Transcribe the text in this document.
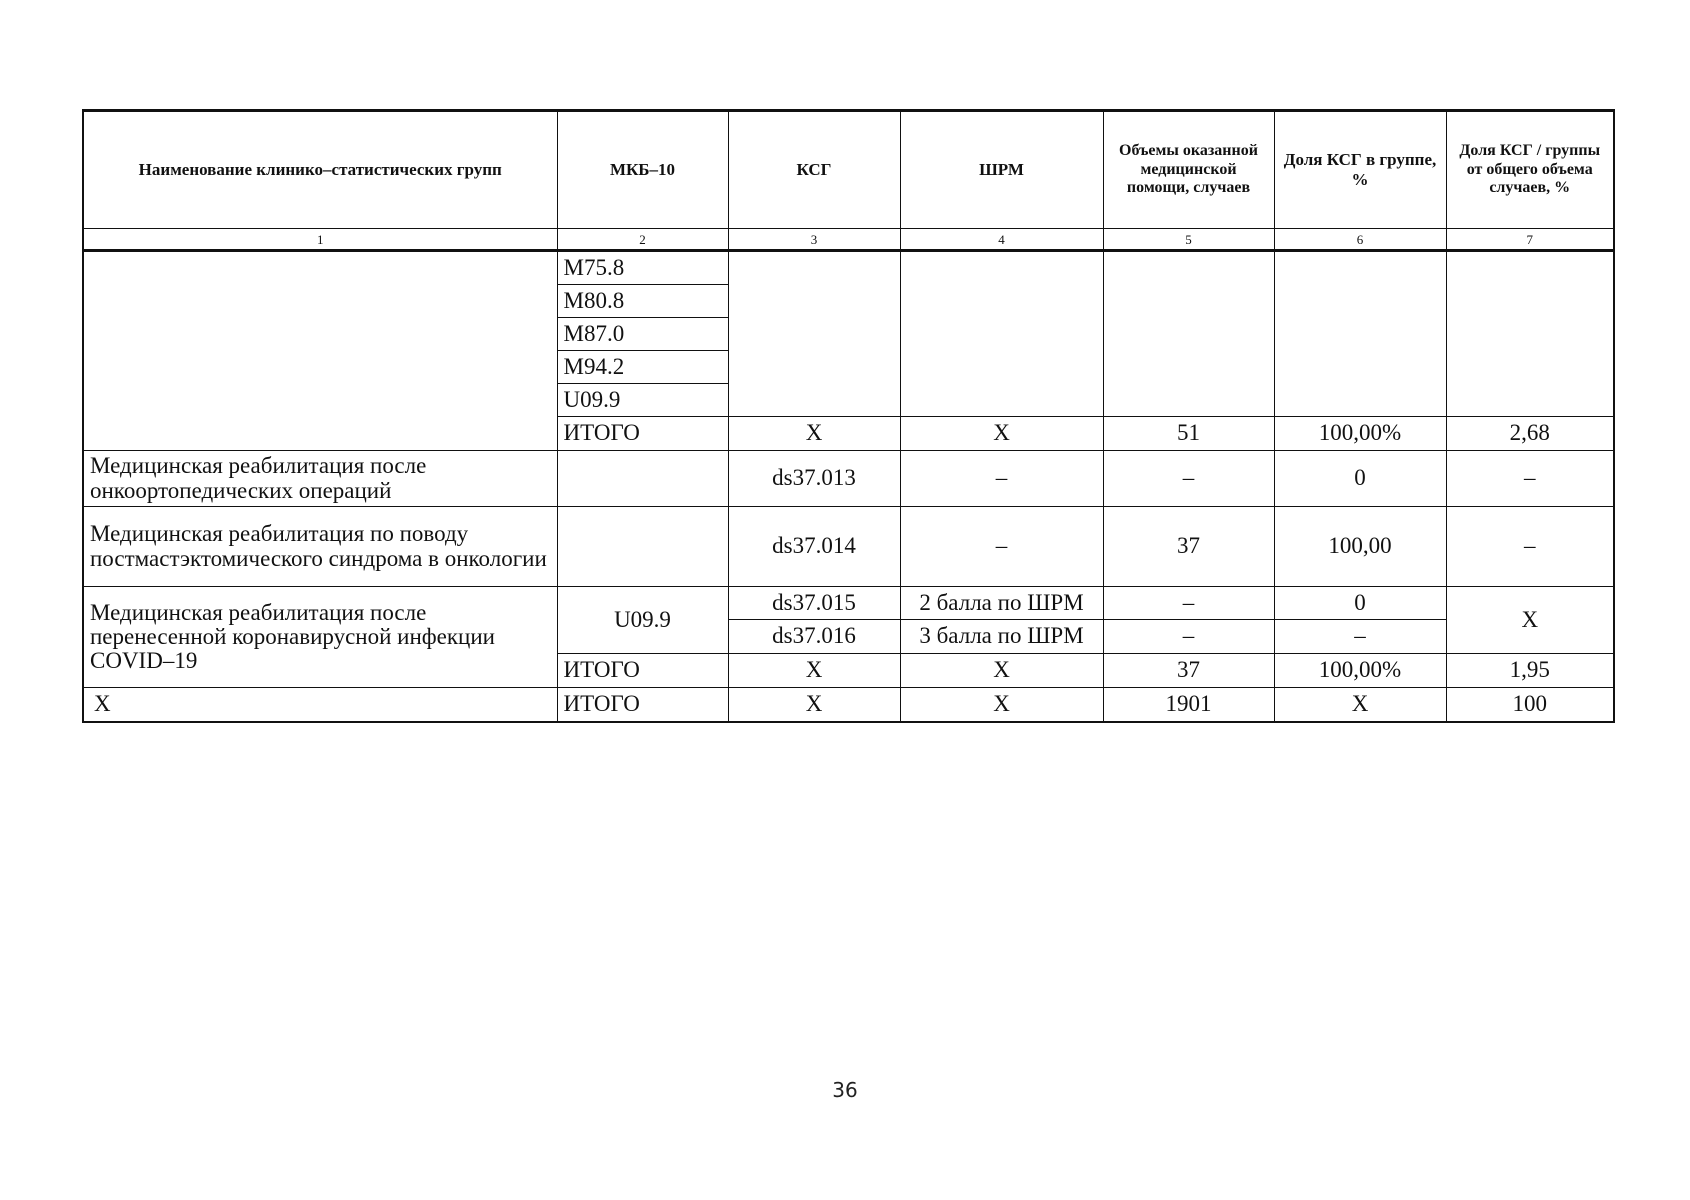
Наименование клинико–статистических групп	МКБ–10	КСГ	ШРМ	Объемы оказанной медицинской помощи, случаев	Доля КСГ в группе, %	Доля КСГ / группы от общего объема случаев, %
1	2	3	4	5	6	7
	M75.8					
	M80.8					
	M87.0					
	M94.2					
	U09.9					
	ИТОГО	Х	Х	51	100,00%	2,68
Медицинская реабилитация после онкоортопедических операций		ds37.013	–	–	0	–
Медицинская реабилитация по поводу постмастэктомического синдрома в онкологии		ds37.014	–	37	100,00	–
Медицинская реабилитация после перенесенной коронавирусной инфекции COVID–19	U09.9	ds37.015	2 балла по ШРМ	–	0	Х
		ds37.016	3 балла по ШРМ	–	–	
	ИТОГО	Х	Х	37	100,00%	1,95
Х	ИТОГО	Х	Х	1901	Х	100
36
